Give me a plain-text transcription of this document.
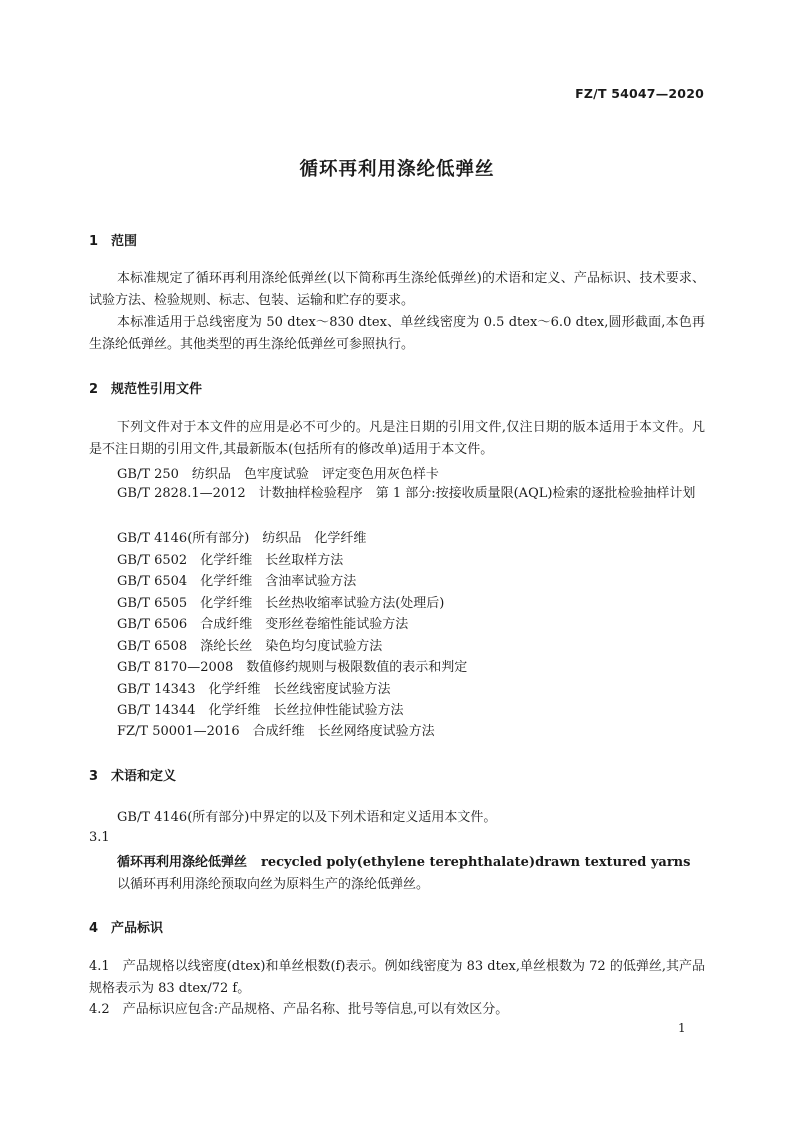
FZ/T 54047—2020
循环再利用涤纶低弹丝
1 范围

本标准规定了循环再利用涤纶低弹丝(以下简称再生涤纶低弹丝)的术语和定义、产品标识、技术要求、试验方法、检验规则、标志、包装、运输和贮存的要求。

本标准适用于总线密度为 50 dtex～830 dtex、单丝线密度为 0.5 dtex～6.0 dtex,圆形截面,本色再生涤纶低弹丝。其他类型的再生涤纶低弹丝可参照执行。

2 规范性引用文件

下列文件对于本文件的应用是必不可少的。凡是注日期的引用文件,仅注日期的版本适用于本文件。凡是不注日期的引用文件,其最新版本(包括所有的修改单)适用于本文件。

GB/T 250　纺织品　色牢度试验　评定变色用灰色样卡

GB/T 2828.1—2012　计数抽样检验程序　第 1 部分:按接收质量限(AQL)检索的逐批检验抽样计划

GB/T 4146(所有部分)　纺织品　化学纤维
GB/T 6502　化学纤维　长丝取样方法
GB/T 6504　化学纤维　含油率试验方法
GB/T 6505　化学纤维　长丝热收缩率试验方法(处理后)
GB/T 6506　合成纤维　变形丝卷缩性能试验方法
GB/T 6508　涤纶长丝　染色均匀度试验方法
GB/T 8170—2008　数值修约规则与极限数值的表示和判定
GB/T 14343　化学纤维　长丝线密度试验方法
GB/T 14344　化学纤维　长丝拉伸性能试验方法
FZ/T 50001—2016　合成纤维　长丝网络度试验方法
3 术语和定义
GB/T 4146(所有部分)中界定的以及下列术语和定义适用本文件。
3.1
循环再利用涤纶低弹丝 recycled poly(ethylene terephthalate)drawn textured yarns
以循环再利用涤纶预取向丝为原料生产的涤纶低弹丝。
4 产品标识

4.1　 产品规格以线密度(dtex)和单丝根数(f)表示。例如线密度为 83 dtex,单丝根数为 72 的低弹丝,其产品规格表示为 83 dtex/72 f。

4.2　 产品标识应包含:产品规格、产品名称、批号等信息,可以有效区分。

1
